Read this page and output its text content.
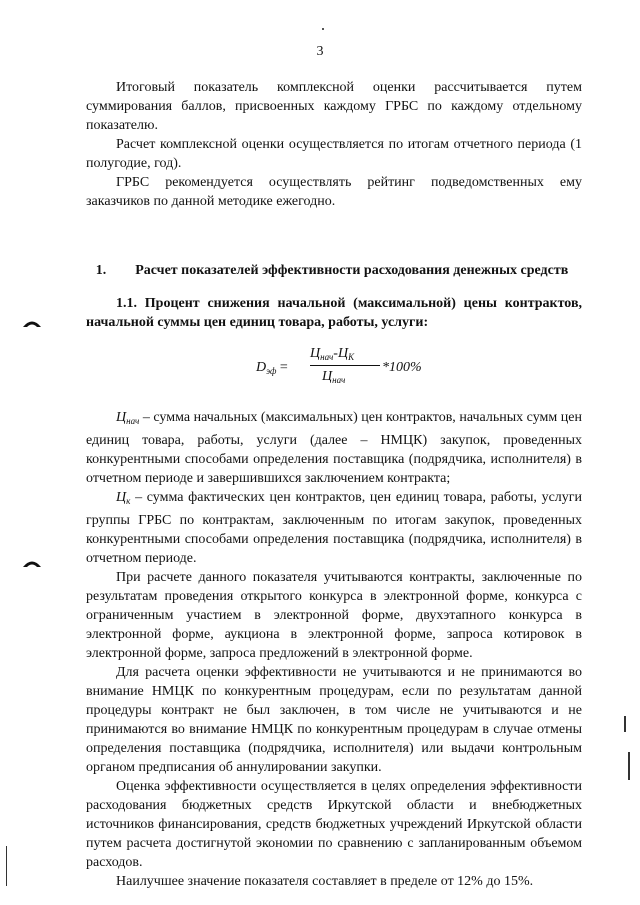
3

Итоговый показатель комплексной оценки рассчитывается путем суммирования баллов, присвоенных каждому ГРБС по каждому отдельному показателю.

Расчет комплексной оценки осуществляется по итогам отчетного периода (1 полугодие, год).

ГРБС рекомендуется осуществлять рейтинг подведомственных ему заказчиков по данной методике ежегодно.

1. Расчет показателей эффективности расходования денежных средств

1.1. Процент снижения начальной (максимальной) цены контрактов, начальной суммы цен единиц товара, работы, услуги:

$D_{эф}$ =
$Ц_{нач}-Ц_К$
$Ц_{нач}$
*100%

$Ц_{нач}$ – сумма начальных (максимальных) цен контрактов, начальных сумм цен единиц товара, работы, услуги (далее – НМЦК) закупок, проведенных конкурентными способами определения поставщика (подрядчика, исполнителя) в отчетном периоде и завершившихся заключением контракта;

$Ц_к$ – сумма фактических цен контрактов, цен единиц товара, работы, услуги группы ГРБС по контрактам, заключенным по итогам закупок, проведенных конкурентными способами определения поставщика (подрядчика, исполнителя) в отчетном периоде.

При расчете данного показателя учитываются контракты, заключенные по результатам проведения открытого конкурса в электронной форме, конкурса с ограниченным участием в электронной форме, двухэтапного конкурса в электронной форме, аукциона в электронной форме, запроса котировок в электронной форме, запроса предложений в электронной форме.

Для расчета оценки эффективности не учитываются и не принимаются во внимание НМЦК по конкурентным процедурам, если по результатам данной процедуры контракт не был заключен, в том числе не учитываются и не принимаются во внимание НМЦК по конкурентным процедурам в случае отмены определения поставщика (подрядчика, исполнителя) или выдачи контрольным органом предписания об аннулировании закупки.

Оценка эффективности осуществляется в целях определения эффективности расходования бюджетных средств Иркутской области и внебюджетных источников финансирования, средств бюджетных учреждений Иркутской области путем расчета достигнутой экономии по сравнению с запланированным объемом расходов.

Наилучшее значение показателя составляет в пределе от 12% до 15%.
